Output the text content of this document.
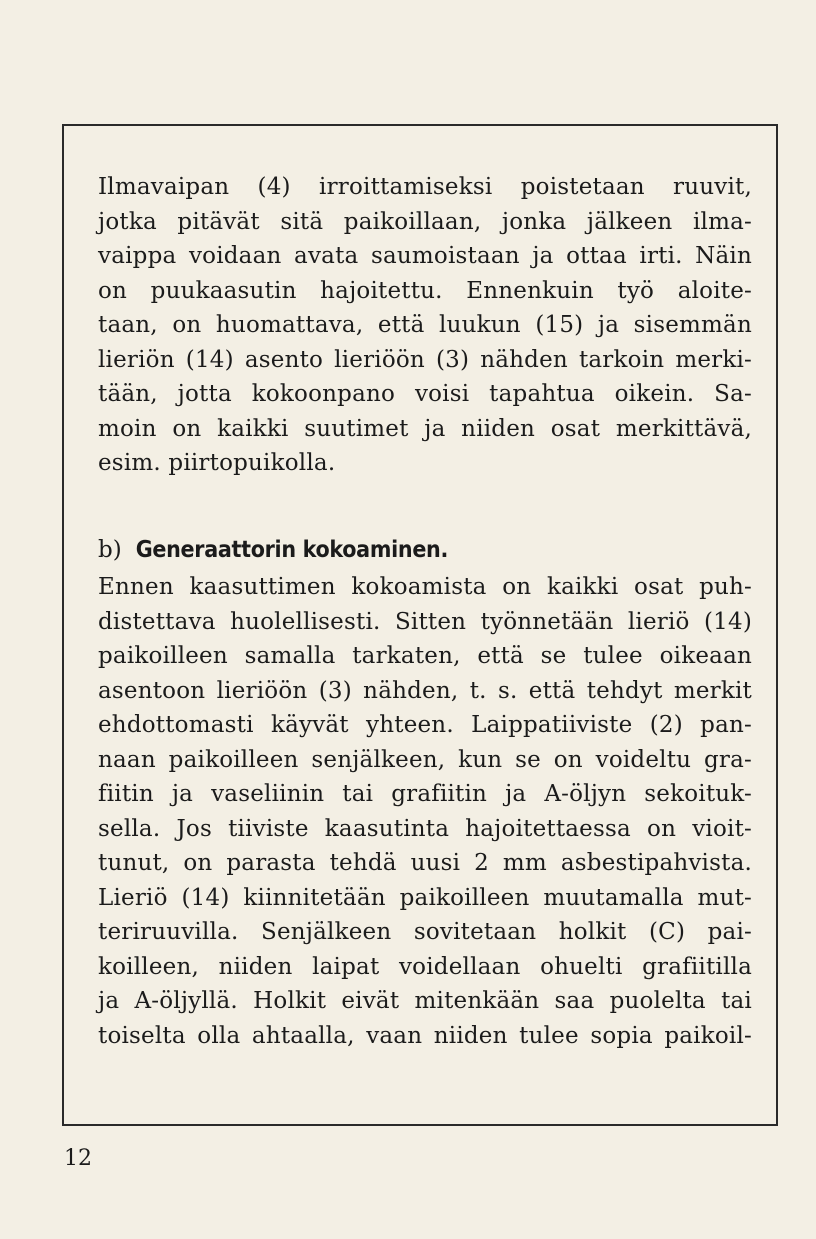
Ilmavaipan (4) irroittamiseksi poistetaan ruuvit,
jotka pitävät sitä paikoillaan, jonka jälkeen ilma-
vaippa voidaan avata saumoistaan ja ottaa irti. Näin
on puukaasutin hajoitettu. Ennenkuin työ aloite-
taan, on huomattava, että luukun (15) ja sisemmän
lieriön (14) asento lieriöön (3) nähden tarkoin merki-
tään, jotta kokoonpano voisi tapahtua oikein. Sa-
moin on kaikki suutimet ja niiden osat merkittävä,
esim. piirtopuikolla.
b) Generaattorin kokoaminen.
Ennen kaasuttimen kokoamista on kaikki osat puh-
distettava huolellisesti. Sitten työnnetään lieriö (14)
paikoilleen samalla tarkaten, että se tulee oikeaan
asentoon lieriöön (3) nähden, t. s. että tehdyt merkit
ehdottomasti käyvät yhteen. Laippatiiviste (2) pan-
naan paikoilleen senjälkeen, kun se on voideltu gra-
fiitin ja vaseliinin tai grafiitin ja A-öljyn sekoituk-
sella. Jos tiiviste kaasutinta hajoitettaessa on vioit-
tunut, on parasta tehdä uusi 2 mm asbestipahvista.
Lieriö (14) kiinnitetään paikoilleen muutamalla mut-
teriruuvilla. Senjälkeen sovitetaan holkit (C) pai-
koilleen, niiden laipat voidellaan ohuelti grafiitilla
ja A-öljyllä. Holkit eivät mitenkään saa puolelta tai
toiselta olla ahtaalla, vaan niiden tulee sopia paikoil-
12
